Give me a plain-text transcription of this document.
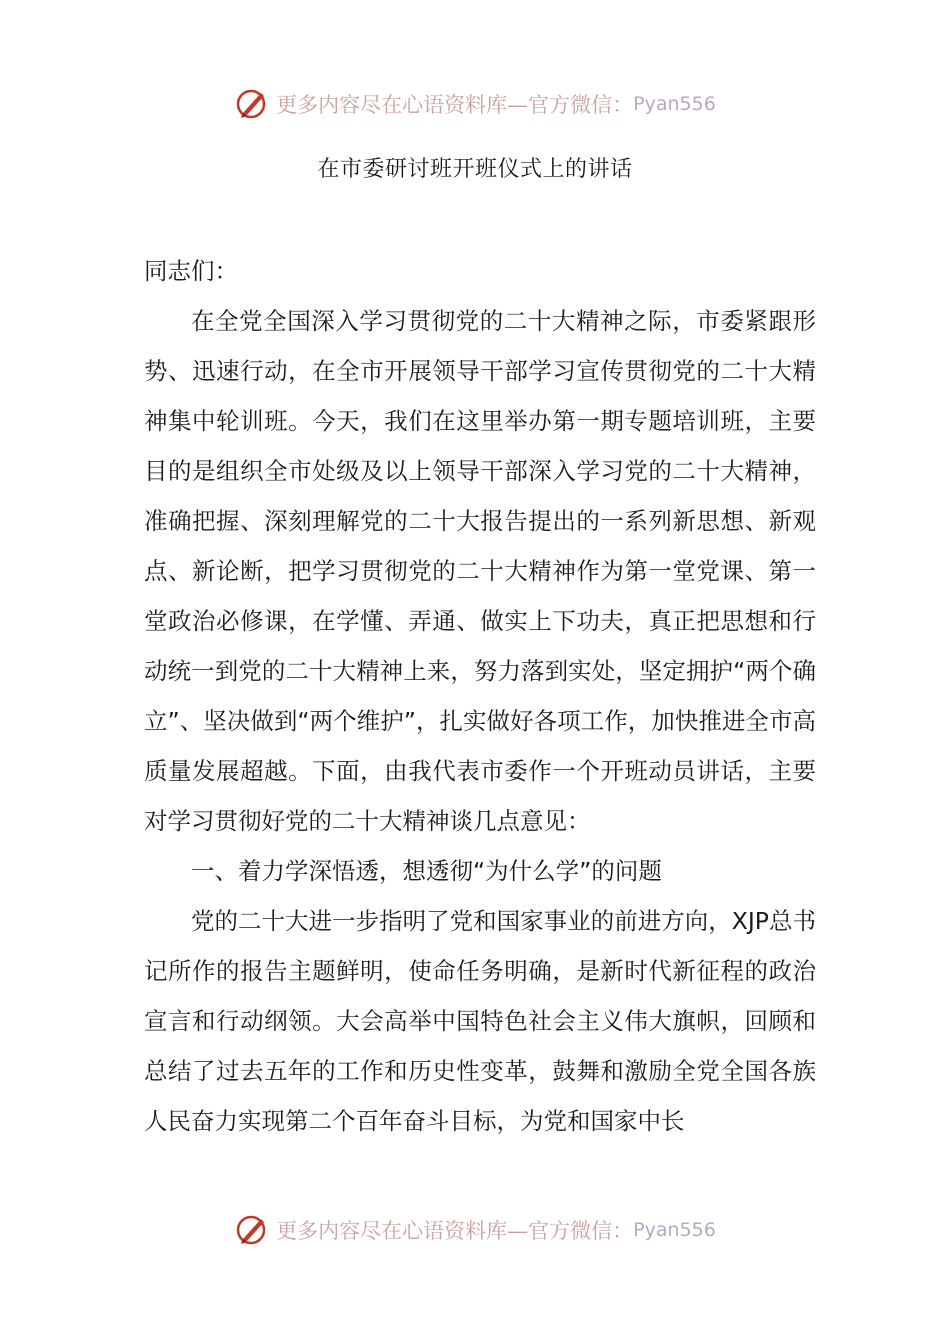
更多内容尽在心语资料库—官方微信： Pyan556
在市委研讨班开班仪式上的讲话

同志们：

在全党全国深入学习贯彻党的二十大精神之际，市委紧跟形势、迅速行动，在全市开展领导干部学习宣传贯彻党的二十大精神集中轮训班。今天，我们在这里举办第一期专题培训班，主要目的是组织全市处级及以上领导干部深入学习党的二十大精神，准确把握、深刻理解党的二十大报告提出的一系列新思想、新观点、新论断，把学习贯彻党的二十大精神作为第一堂党课、第一堂政治必修课，在学懂、弄通、做实上下功夫，真正把思想和行动统一到党的二十大精神上来，努力落到实处，坚定拥护“两个确立”、坚决做到“两个维护”，扎实做好各项工作，加快推进全市高质量发展超越。下面，由我代表市委作一个开班动员讲话，主要对学习贯彻好党的二十大精神谈几点意见：

一、着力学深悟透，想透彻“为什么学”的问题

党的二十大进一步指明了党和国家事业的前进方向，XJP总书记所作的报告主题鲜明，使命任务明确，是新时代新征程的政治宣言和行动纲领。大会高举中国特色社会主义伟大旗帜，回顾和总结了过去五年的工作和历史性变革，鼓舞和激励全党全国各族人民奋力实现第二个百年奋斗目标，为党和国家中长

更多内容尽在心语资料库—官方微信： Pyan556
